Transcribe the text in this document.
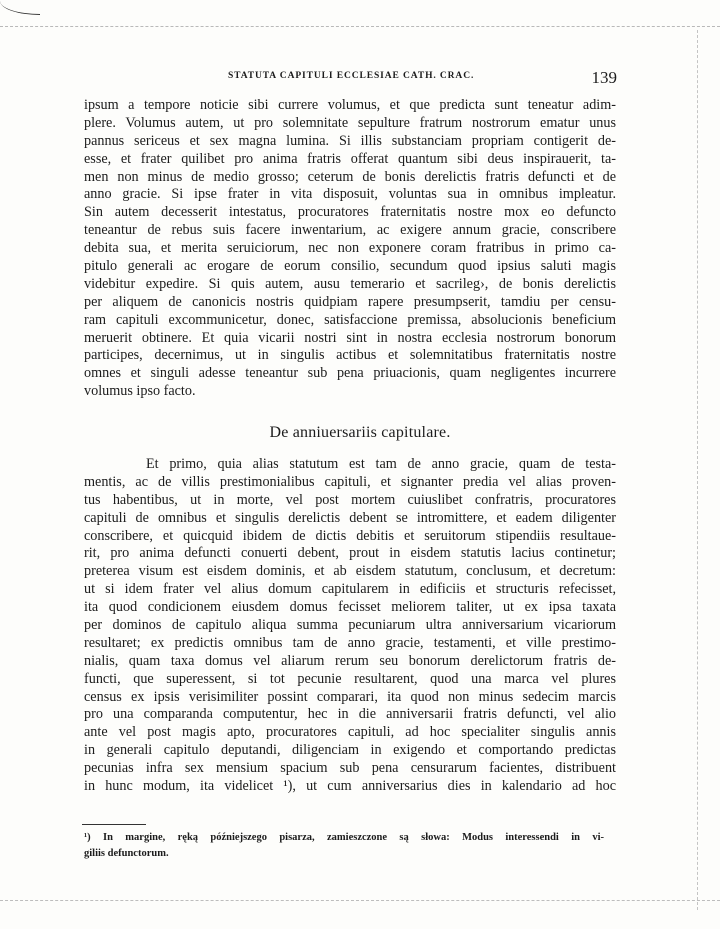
STATUTA CAPITULI ECCLESIAE CATH. CRAC.	139
ipsum a tempore noticie sibi currere volumus, et que predicta sunt teneatur adim-
plere. Volumus autem, ut pro solemnitate sepulture fratrum nostrorum ematur unus
pannus sericeus et sex magna lumina. Si illis substanciam propriam contigerit de-
esse, et frater quilibet pro anima fratris offerat quantum sibi deus inspirauerit, ta-
men non minus de medio grosso; ceterum de bonis derelictis fratris defuncti et de
anno gracie. Si ipse frater in vita disposuit, voluntas sua in omnibus impleatur.
Sin autem decesserit intestatus, procuratores fraternitatis nostre mox eo defuncto
teneantur de rebus suis facere inwentarium, ac exigere annum gracie, conscribere
debita sua, et merita seruiciorum, nec non exponere coram fratribus in primo ca-
pitulo generali ac erogare de eorum consilio, secundum quod ipsius saluti magis
videbitur expedire. Si quis autem, ausu temerario et sacrileg›, de bonis derelictis
per aliquem de canonicis nostris quidpiam rapere presumpserit, tamdiu per censu-
ram capituli excommunicetur, donec, satisfaccione premissa, absolucionis beneficium
meruerit obtinere. Et quia vicarii nostri sint in nostra ecclesia nostrorum bonorum
participes, decernimus, ut in singulis actibus et solemnitatibus fraternitatis nostre
omnes et singuli adesse teneantur sub pena priuacionis, quam negligentes incurrere
volumus ipso facto.
De anniuersariis capitulare.
Et primo, quia alias statutum est tam de anno gracie, quam de testa-
mentis, ac de villis prestimonialibus capituli, et signanter predia vel alias proven-
tus habentibus, ut in morte, vel post mortem cuiuslibet confratris, procuratores
capituli de omnibus et singulis derelictis debent se intromittere, et eadem diligenter
conscribere, et quicquid ibidem de dictis debitis et seruitorum stipendiis resultaue-
rit, pro anima defuncti conuerti debent, prout in eisdem statutis lacius continetur;
preterea visum est eisdem dominis, et ab eisdem statutum, conclusum, et decretum:
ut si idem frater vel alius domum capitularem in edificiis et structuris refecisset,
ita quod condicionem eiusdem domus fecisset meliorem taliter, ut ex ipsa taxata
per dominos de capitulo aliqua summa pecuniarum ultra anniversarium vicariorum
resultaret; ex predictis omnibus tam de anno gracie, testamenti, et ville prestimo-
nialis, quam taxa domus vel aliarum rerum seu bonorum derelictorum fratris de-
functi, que superessent, si tot pecunie resultarent, quod una marca vel plures
census ex ipsis verisimiliter possint comparari, ita quod non minus sedecim marcis
pro una comparanda computentur, hec in die anniversarii fratris defuncti, vel alio
ante vel post magis apto, procuratores capituli, ad hoc specialiter singulis annis
in generali capitulo deputandi, diligenciam in exigendo et comportando predictas
pecunias infra sex mensium spacium sub pena censurarum facientes, distribuent
in hunc modum, ita videlicet ¹), ut cum anniversarius dies in kalendario ad hoc
¹) In margine, ręką późniejszego pisarza, zamieszczone są słowa: Modus interessendi in vi-
giliis defunctorum.
